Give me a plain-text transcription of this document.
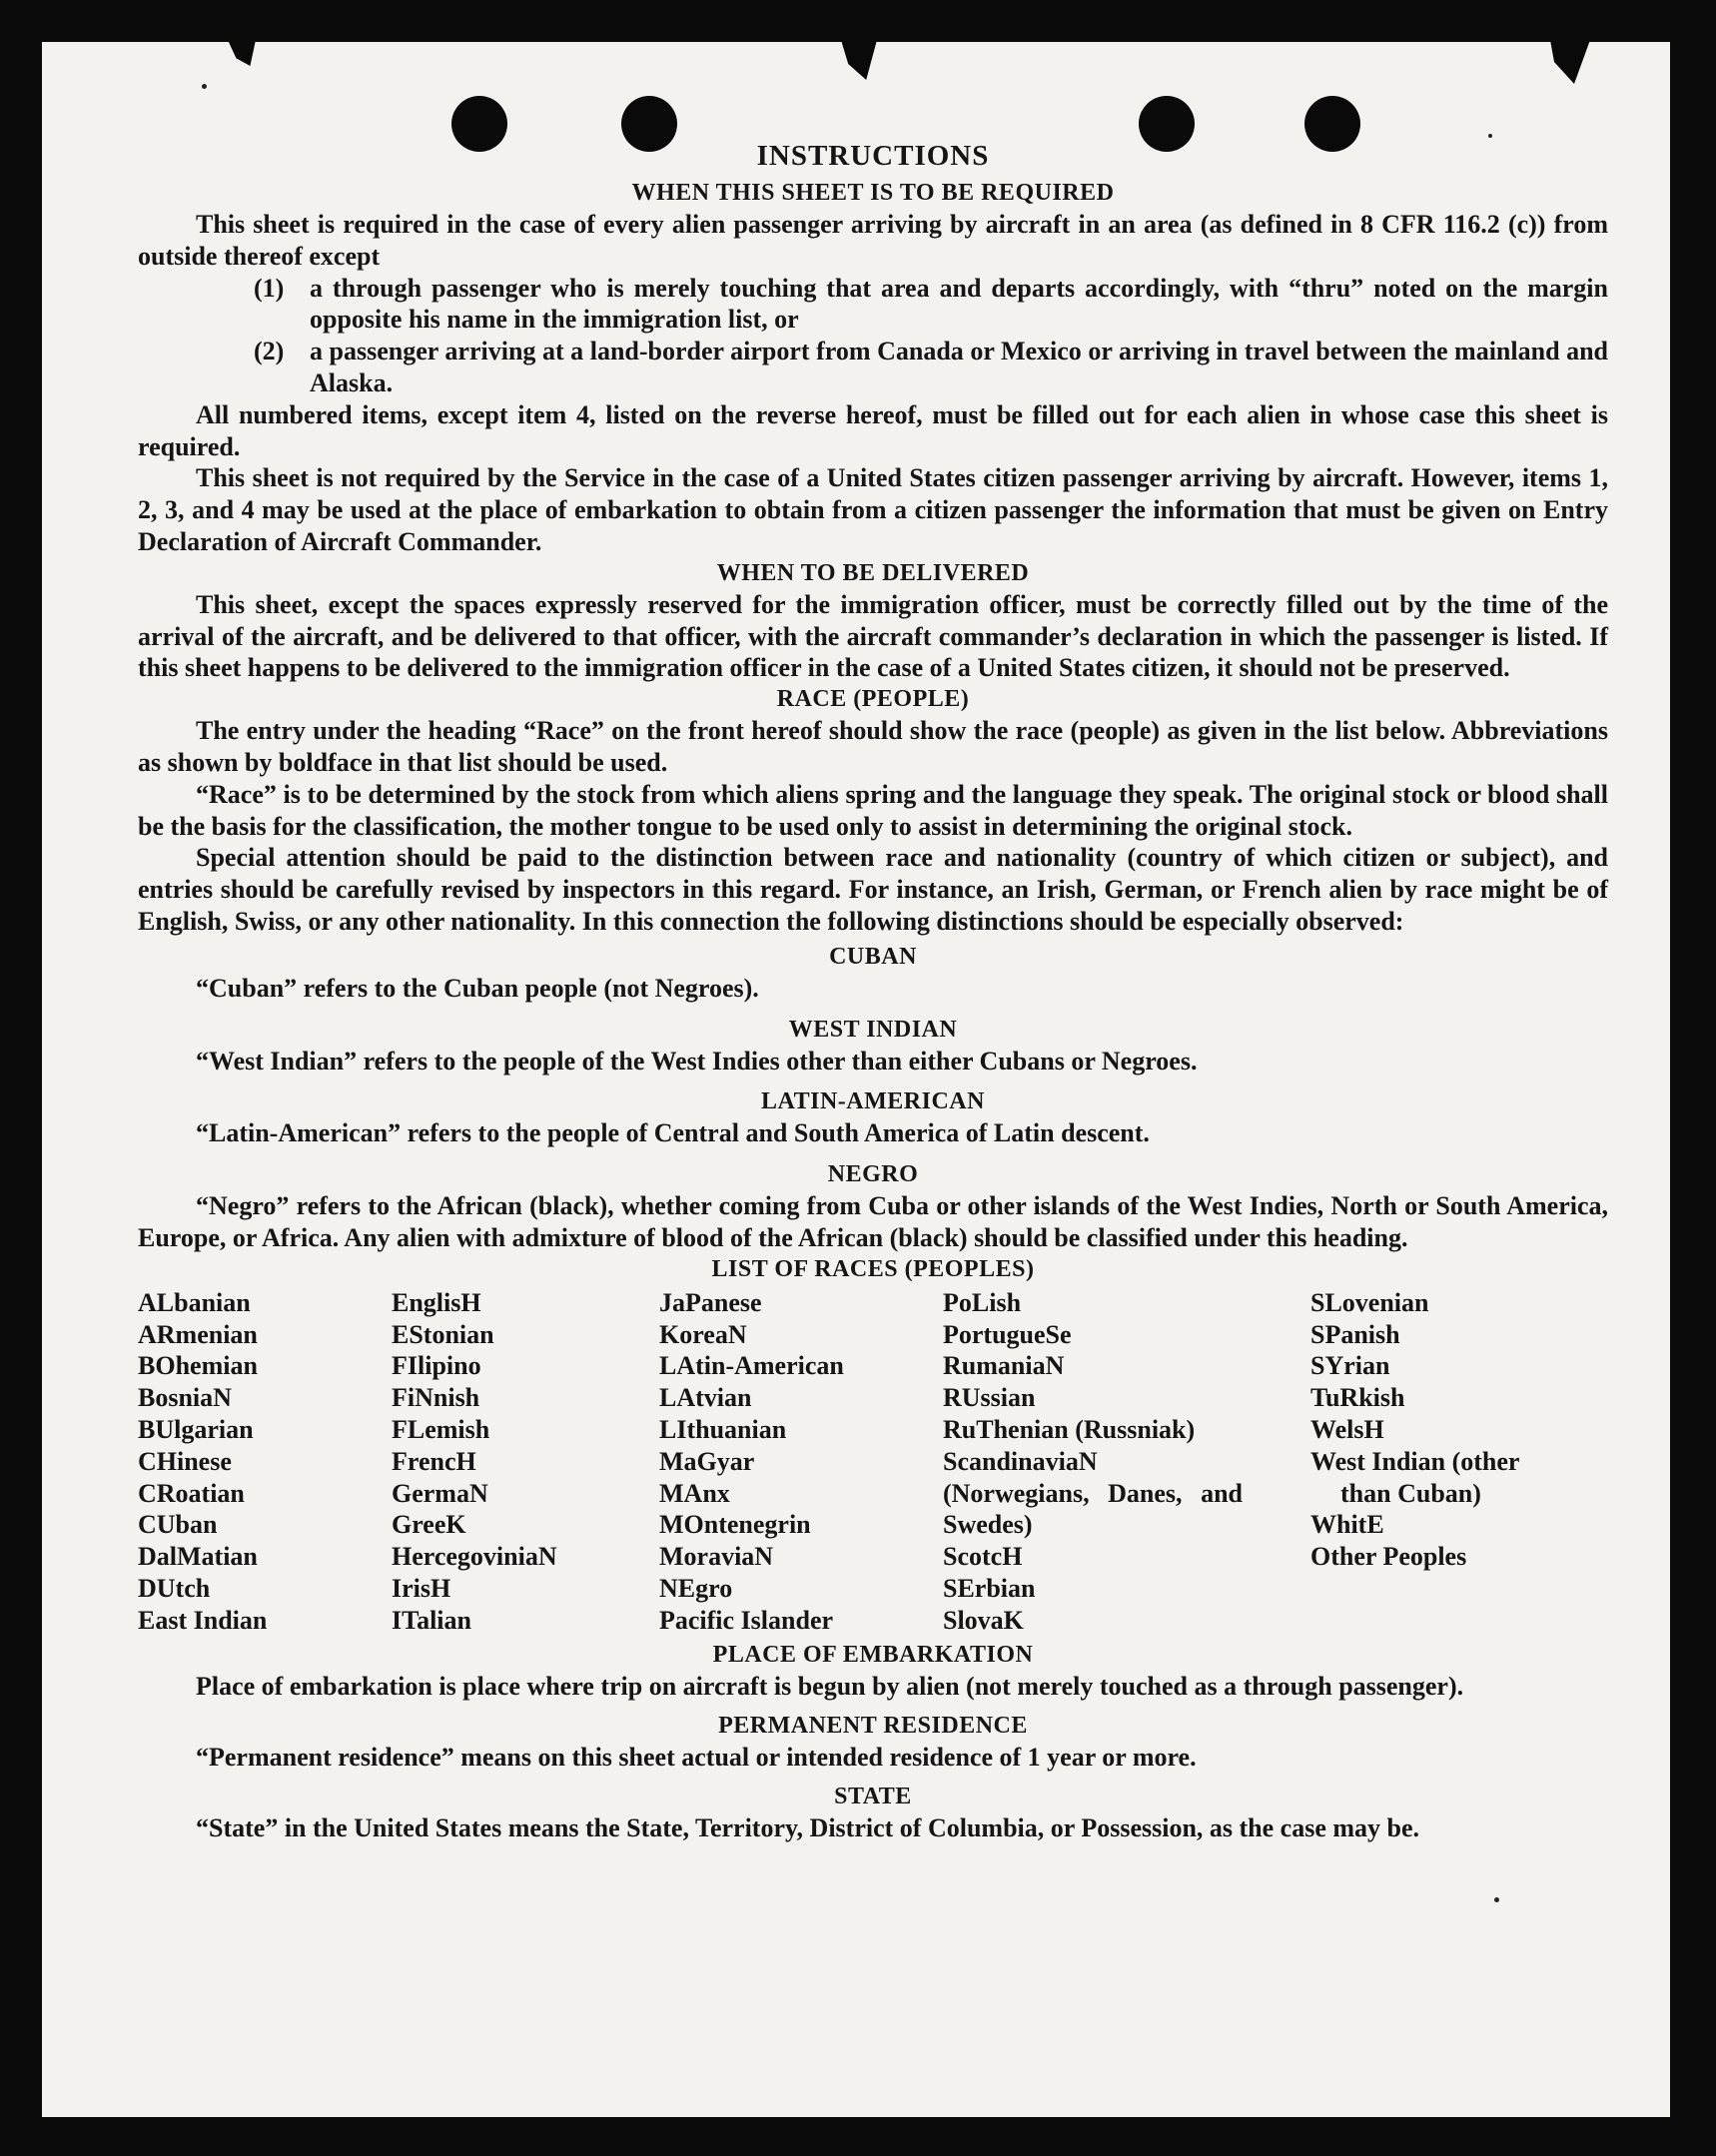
INSTRUCTIONS
WHEN THIS SHEET IS TO BE REQUIRED

This sheet is required in the case of every alien passenger arriving by aircraft in an area (as defined in 8 CFR 116.2 (c)) from outside thereof except

(1) a through passenger who is merely touching that area and departs accordingly, with “thru” noted on the margin opposite his name in the immigration list, or
(2) a passenger arriving at a land-border airport from Canada or Mexico or arriving in travel between the mainland and Alaska.

All numbered items, except item 4, listed on the reverse hereof, must be filled out for each alien in whose case this sheet is required.

This sheet is not required by the Service in the case of a United States citizen passenger arriving by aircraft. However, items 1, 2, 3, and 4 may be used at the place of embarkation to obtain from a citizen passenger the information that must be given on Entry Declaration of Aircraft Commander.

WHEN TO BE DELIVERED

This sheet, except the spaces expressly reserved for the immigration officer, must be correctly filled out by the time of the arrival of the aircraft, and be delivered to that officer, with the aircraft commander’s declaration in which the passenger is listed. If this sheet happens to be delivered to the immigration officer in the case of a United States citizen, it should not be preserved.

RACE (PEOPLE)

The entry under the heading “Race” on the front hereof should show the race (people) as given in the list below. Abbreviations as shown by boldface in that list should be used.

“Race” is to be determined by the stock from which aliens spring and the language they speak. The original stock or blood shall be the basis for the classification, the mother tongue to be used only to assist in determining the original stock.

Special attention should be paid to the distinction between race and nationality (country of which citizen or subject), and entries should be carefully revised by inspectors in this regard. For instance, an Irish, German, or French alien by race might be of English, Swiss, or any other nationality. In this connection the following distinctions should be especially observed:

CUBAN

“Cuban” refers to the Cuban people (not Negroes).

WEST INDIAN

“West Indian” refers to the people of the West Indies other than either Cubans or Negroes.

LATIN-AMERICAN

“Latin-American” refers to the people of Central and South America of Latin descent.

NEGRO

“Negro” refers to the African (black), whether coming from Cuba or other islands of the West Indies, North or South America, Europe, or Africa. Any alien with admixture of blood of the African (black) should be classified under this heading.

LIST OF RACES (PEOPLES)
ALbanian
ARmenian
BOhemian
BosniaN
BUlgarian
CHinese
CRoatian
CUban
DalMatian
DUtch
East Indian
EnglisH
EStonian
FIlipino
FiNnish
FLemish
FrencH
GermaN
GreeK
HercegoviniaN
IrisH
ITalian
JaPanese
KoreaN
LAtin-American
LAtvian
LIthuanian
MaGyar
MAnx
MOntenegrin
MoraviaN
NEgro
Pacific Islander
PoLish
PortugueSe
RumaniaN
RUssian
RuThenian (Russniak)
ScandinaviaN (Norwegians, Danes, and Swedes)
ScotcH
SErbian
SlovaK
SLovenian
SPanish
SYrian
TuRkish
WelsH
West Indian (other
than Cuban)
WhitE
Other Peoples
PLACE OF EMBARKATION

Place of embarkation is place where trip on aircraft is begun by alien (not merely touched as a through passenger).

PERMANENT RESIDENCE

“Permanent residence” means on this sheet actual or intended residence of 1 year or more.

STATE

“State” in the United States means the State, Territory, District of Columbia, or Possession, as the case may be.
